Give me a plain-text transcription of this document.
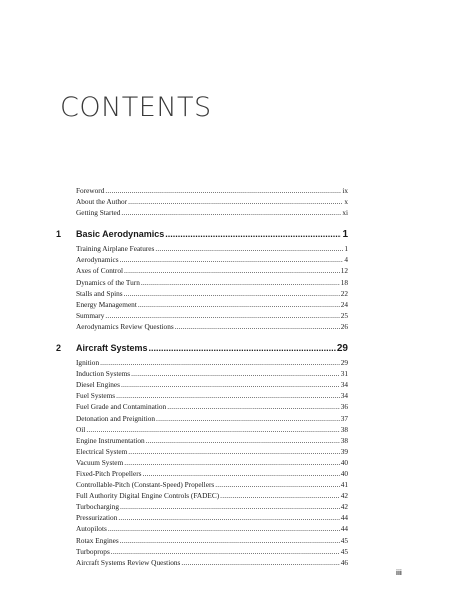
CONTENTS
Foreword .....	ix
About the Author .....	x
Getting Started .....	xi
1	Basic Aerodynamics .....	1
Training Airplane Features .....	1
Aerodynamics .....	4
Axes of Control .....	12
Dynamics of the Turn .....	18
Stalls and Spins .....	22
Energy Management .....	24
Summary .....	25
Aerodynamics Review Questions .....	26
2	Aircraft Systems .....	29
Ignition .....	29
Induction Systems .....	31
Diesel Engines .....	34
Fuel Systems .....	34
Fuel Grade and Contamination .....	36
Detonation and Preignition .....	37
Oil .....	38
Engine Instrumentation .....	38
Electrical System .....	39
Vacuum System .....	40
Fixed-Pitch Propellers .....	40
Controllable-Pitch (Constant-Speed) Propellers .....	41
Full Authority Digital Engine Controls (FADEC) .....	42
Turbocharging .....	42
Pressurization .....	44
Autopilots .....	44
Rotax Engines .....	45
Turboprops .....	45
Aircraft Systems Review Questions .....	46
iii
